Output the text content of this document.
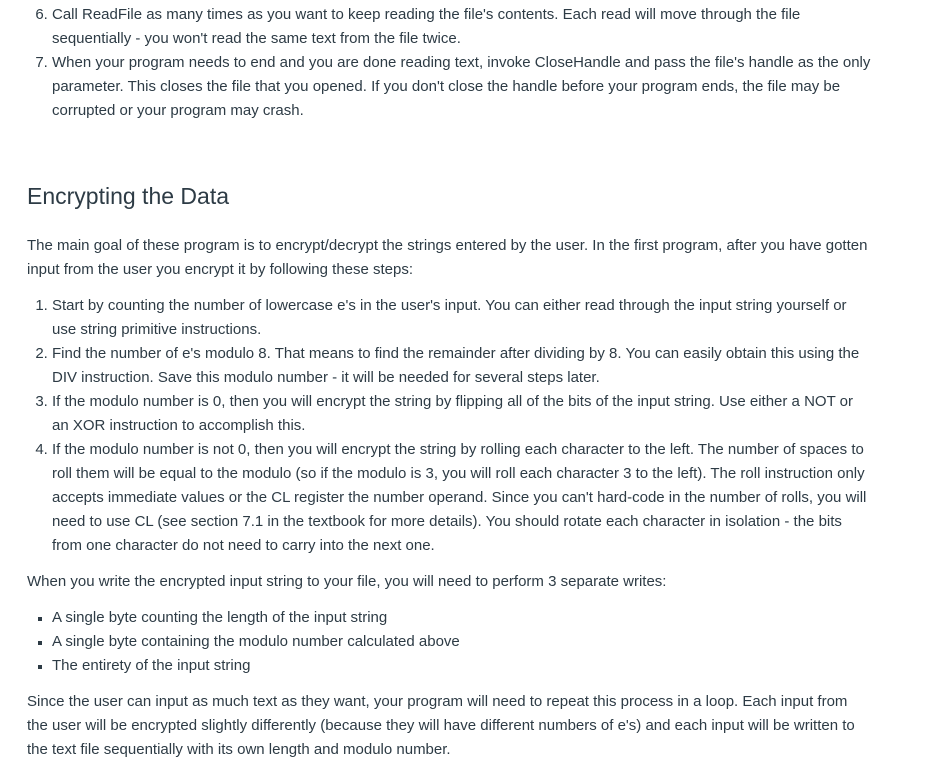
6. Call ReadFile as many times as you want to keep reading the file's contents. Each read will move through the file sequentially - you won't read the same text from the file twice.
7. When your program needs to end and you are done reading text, invoke CloseHandle and pass the file's handle as the only parameter. This closes the file that you opened. If you don't close the handle before your program ends, the file may be corrupted or your program may crash.
Encrypting the Data

The main goal of these program is to encrypt/decrypt the strings entered by the user. In the first program, after you have gotten input from the user you encrypt it by following these steps:

1. Start by counting the number of lowercase e's in the user's input. You can either read through the input string yourself or use string primitive instructions.
2. Find the number of e's modulo 8. That means to find the remainder after dividing by 8. You can easily obtain this using the DIV instruction. Save this modulo number - it will be needed for several steps later.
3. If the modulo number is 0, then you will encrypt the string by flipping all of the bits of the input string. Use either a NOT or an XOR instruction to accomplish this.
4. If the modulo number is not 0, then you will encrypt the string by rolling each character to the left. The number of spaces to roll them will be equal to the modulo (so if the modulo is 3, you will roll each character 3 to the left). The roll instruction only accepts immediate values or the CL register the number operand. Since you can't hard-code in the number of rolls, you will need to use CL (see section 7.1 in the textbook for more details). You should rotate each character in isolation - the bits from one character do not need to carry into the next one.

When you write the encrypted input string to your file, you will need to perform 3 separate writes:

▪ A single byte counting the length of the input string
▪ A single byte containing the modulo number calculated above
▪ The entirety of the input string

Since the user can input as much text as they want, your program will need to repeat this process in a loop. Each input from the user will be encrypted slightly differently (because they will have different numbers of e's) and each input will be written to the text file sequentially with its own length and modulo number.
